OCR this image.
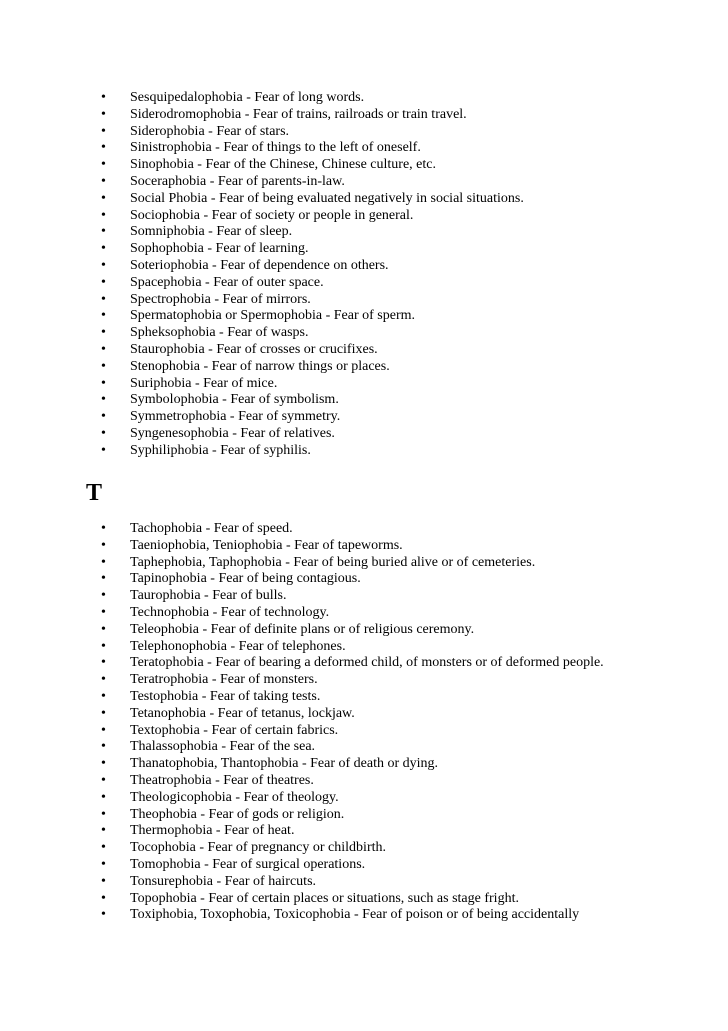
• Sesquipedalophobia - Fear of long words.
• Siderodromophobia - Fear of trains, railroads or train travel.
• Siderophobia - Fear of stars.
• Sinistrophobia - Fear of things to the left of oneself.
• Sinophobia - Fear of the Chinese, Chinese culture, etc.
• Soceraphobia - Fear of parents-in-law.
• Social Phobia - Fear of being evaluated negatively in social situations.
• Sociophobia - Fear of society or people in general.
• Somniphobia - Fear of sleep.
• Sophophobia - Fear of learning.
• Soteriophobia - Fear of dependence on others.
• Spacephobia - Fear of outer space.
• Spectrophobia - Fear of mirrors.
• Spermatophobia or Spermophobia - Fear of sperm.
• Spheksophobia - Fear of wasps.
• Staurophobia - Fear of crosses or crucifixes.
• Stenophobia - Fear of narrow things or places.
• Suriphobia - Fear of mice.
• Symbolophobia - Fear of symbolism.
• Symmetrophobia - Fear of symmetry.
• Syngenesophobia - Fear of relatives.
• Syphiliphobia - Fear of syphilis.
T
• Tachophobia - Fear of speed.
• Taeniophobia, Teniophobia - Fear of tapeworms.
• Taphephobia, Taphophobia - Fear of being buried alive or of cemeteries.
• Tapinophobia - Fear of being contagious.
• Taurophobia - Fear of bulls.
• Technophobia - Fear of technology.
• Teleophobia - Fear of definite plans or of religious ceremony.
• Telephonophobia - Fear of telephones.
• Teratophobia - Fear of bearing a deformed child, of monsters or of deformed people.
• Teratrophobia - Fear of monsters.
• Testophobia - Fear of taking tests.
• Tetanophobia - Fear of tetanus, lockjaw.
• Textophobia - Fear of certain fabrics.
• Thalassophobia - Fear of the sea.
• Thanatophobia, Thantophobia - Fear of death or dying.
• Theatrophobia - Fear of theatres.
• Theologicophobia - Fear of theology.
• Theophobia - Fear of gods or religion.
• Thermophobia - Fear of heat.
• Tocophobia - Fear of pregnancy or childbirth.
• Tomophobia - Fear of surgical operations.
• Tonsurephobia - Fear of haircuts.
• Topophobia - Fear of certain places or situations, such as stage fright.
• Toxiphobia, Toxophobia, Toxicophobia - Fear of poison or of being accidentally
